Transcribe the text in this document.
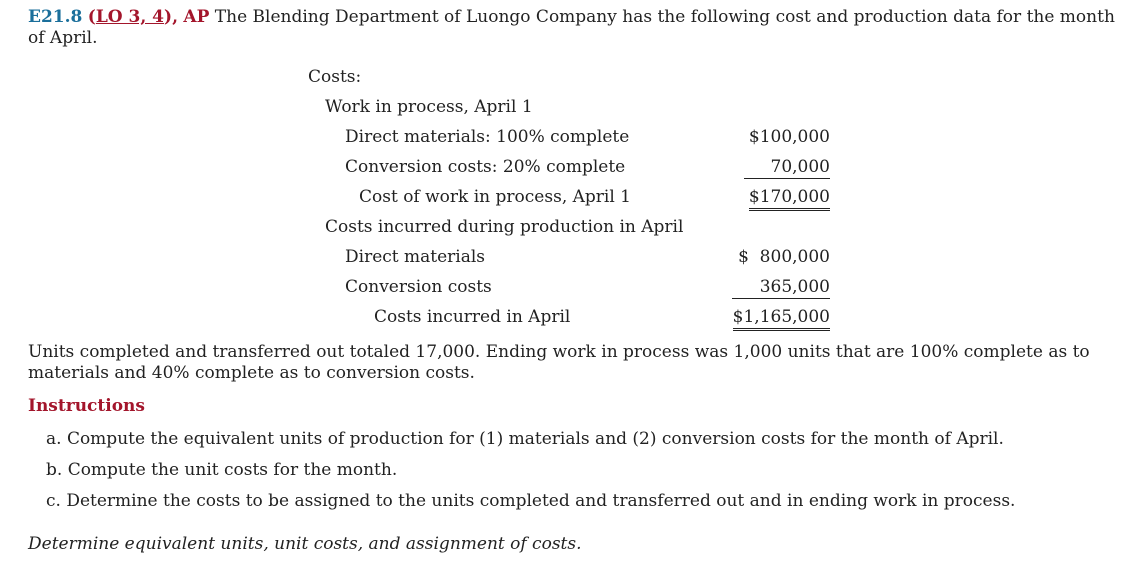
E21.8 (LO 3, 4), AP The Blending Department of Luongo Company has the following cost and production data for the month of April.
Costs:
Work in process, April 1
Direct materials: 100% complete	$100,000
Conversion costs: 20% complete	70,000
Cost of work in process, April 1	$170,000
Costs incurred during production in April
Direct materials	$  800,000
Conversion costs	365,000
Costs incurred in April	$1,165,000
Units completed and transferred out totaled 17,000. Ending work in process was 1,000 units that are 100% complete as to materials and 40% complete as to conversion costs.
Instructions
a. Compute the equivalent units of production for (1) materials and (2) conversion costs for the month of April.
b. Compute the unit costs for the month.
c. Determine the costs to be assigned to the units completed and transferred out and in ending work in process.
Determine equivalent units, unit costs, and assignment of costs.
